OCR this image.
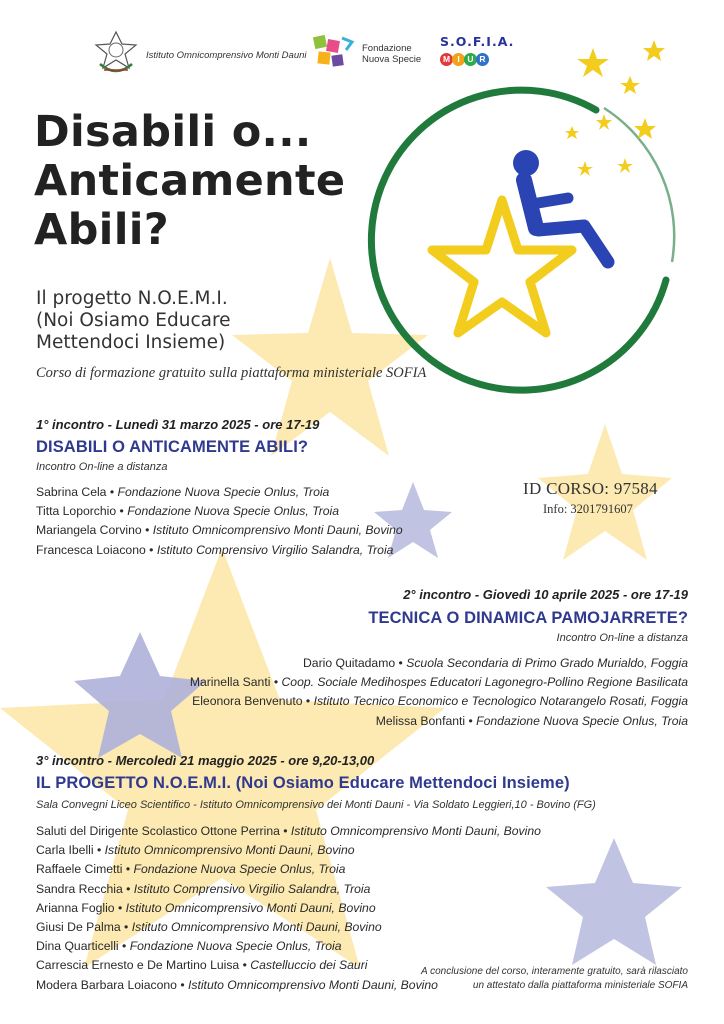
Istituto Omnicomprensivo Monti Dauni
Fondazione
Nuova Specie
S.O.F.I.A.
M I U R
Disabili o...
Anticamente
Abili?
Il progetto N.O.E.M.I.
(Noi Osiamo Educare
Mettendoci Insieme)
Corso di formazione gratuito sulla piattaforma ministeriale SOFIA
1° incontro - Lunedì 31 marzo 2025 - ore 17-19
DISABILI O ANTICAMENTE ABILI?
Incontro On-line a distanza
Sabrina Cela • Fondazione Nuova Specie Onlus, Troia
Titta Loporchio • Fondazione Nuova Specie Onlus, Troia
Mariangela Corvino • Istituto Omnicomprensivo Monti Dauni, Bovino
Francesca Loiacono • Istituto Comprensivo Virgilio Salandra, Troia
ID CORSO: 97584
Info: 3201791607
2° incontro - Giovedì 10 aprile 2025 - ore 17-19
TECNICA O DINAMICA PAMOJARRETE?
Incontro On-line a distanza
Dario Quitadamo • Scuola Secondaria di Primo Grado Murialdo, Foggia
Marinella Santi • Coop. Sociale Medihospes Educatori Lagonegro-Pollino Regione Basilicata
Eleonora Benvenuto • Istituto Tecnico Economico e Tecnologico Notarangelo Rosati, Foggia
Melissa Bonfanti • Fondazione Nuova Specie Onlus, Troia
3° incontro - Mercoledì 21 maggio 2025 - ore 9,20-13,00
IL PROGETTO N.O.E.M.I. (Noi Osiamo Educare Mettendoci Insieme)
Sala Convegni Liceo Scientifico - Istituto Omnicomprensivo dei Monti Dauni - Via Soldato Leggieri,10 - Bovino (FG)
Saluti del Dirigente Scolastico Ottone Perrina • Istituto Omnicomprensivo Monti Dauni, Bovino
Carla Ibelli • Istituto Omnicomprensivo Monti Dauni, Bovino
Raffaele Cimetti • Fondazione Nuova Specie Onlus, Troia
Sandra Recchia • Istituto Comprensivo Virgilio Salandra, Troia
Arianna Foglio • Istituto Omnicomprensivo Monti Dauni, Bovino
Giusi De Palma • Istituto Omnicomprensivo Monti Dauni, Bovino
Dina Quarticelli • Fondazione Nuova Specie Onlus, Troia
Carrescia Ernesto e De Martino Luisa • Castelluccio dei Sauri
Modera Barbara Loiacono • Istituto Omnicomprensivo Monti Dauni, Bovino
A conclusione del corso, interamente gratuito, sarà rilasciato
un attestato dalla piattaforma ministeriale SOFIA
